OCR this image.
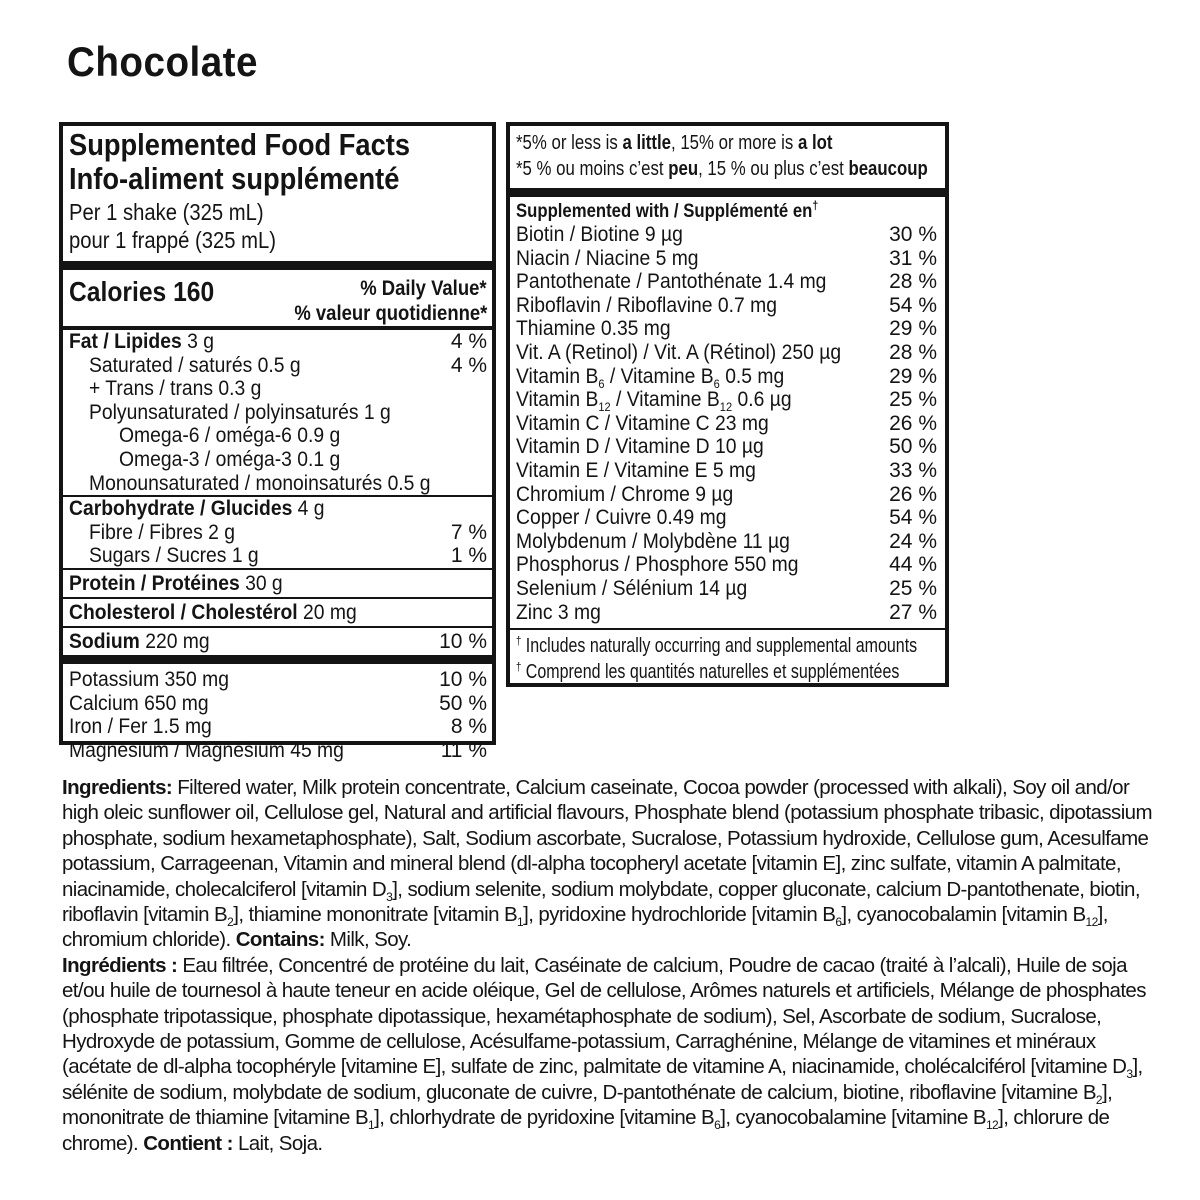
Chocolate
Supplemented Food Facts
Info-aliment supplémenté
Per 1 shake (325 mL)
pour 1 frappé (325 mL)
Calories 160	% Daily Value*
% valeur quotidienne*
Fat / Lipides 3 g	4 %
Saturated / saturés 0.5 g	4 %
+ Trans / trans 0.3 g
Polyunsaturated / polyinsaturés 1 g
Omega-6 / oméga-6 0.9 g
Omega-3 / oméga-3 0.1 g
Monounsaturated / monoinsaturés 0.5 g
Carbohydrate / Glucides 4 g
Fibre / Fibres 2 g	7 %
Sugars / Sucres 1 g	1 %
Protein / Protéines 30 g
Cholesterol / Cholestérol 20 mg
Sodium 220 mg	10 %
Potassium 350 mg	10 %
Calcium 650 mg	50 %
Iron / Fer 1.5 mg	8 %
Magnesium / Magnésium 45 mg	11 %
*5% or less is a little, 15% or more is a lot
*5 % ou moins c’est peu, 15 % ou plus c’est beaucoup
Supplemented with / Supplémenté en†
Biotin / Biotine 9 µg	30 %
Niacin / Niacine 5 mg	31 %
Pantothenate / Pantothénate 1.4 mg	28 %
Riboflavin / Riboflavine 0.7 mg	54 %
Thiamine 0.35 mg	29 %
Vit. A (Retinol) / Vit. A (Rétinol) 250 µg 28 %
Vitamin $B_6$ / Vitamine $B_6$ 0.5 mg	29 %
Vitamin $B_{12}$ / Vitamine $B_{12}$ 0.6 µg	25 %
Vitamin C / Vitamine C 23 mg	26 %
Vitamin D / Vitamine D 10 µg	50 %
Vitamin E / Vitamine E 5 mg	33 %
Chromium / Chrome 9 µg	26 %
Copper / Cuivre 0.49 mg	54 %
Molybdenum / Molybdène 11 µg	24 %
Phosphorus / Phosphore 550 mg	44 %
Selenium / Sélénium 14 µg	25 %
Zinc 3 mg	27 %
† Includes naturally occurring and supplemental amounts
† Comprend les quantités naturelles et supplémentées
Ingredients: Filtered water, Milk protein concentrate, Calcium caseinate, Cocoa powder (processed with alkali), Soy oil and/or high oleic sunflower oil, Cellulose gel, Natural and artificial flavours, Phosphate blend (potassium phosphate tribasic, dipotassium phosphate, sodium hexametaphosphate), Salt, Sodium ascorbate, Sucralose, Potassium hydroxide, Cellulose gum, Acesulfame potassium, Carrageenan, Vitamin and mineral blend (dl-alpha tocopheryl acetate [vitamin E], zinc sulfate, vitamin A palmitate, niacinamide, cholecalciferol [vitamin $D_3$], sodium selenite, sodium molybdate, copper gluconate, calcium D-pantothenate, biotin, riboflavin [vitamin $B_2$], thiamine mononitrate [vitamin $B_1$], pyridoxine hydrochloride [vitamin $B_6$], cyanocobalamin [vitamin $B_{12}$], chromium chloride). Contains: Milk, Soy.
Ingrédients : Eau filtrée, Concentré de protéine du lait, Caséinate de calcium, Poudre de cacao (traité à l’alcali), Huile de soja et/ou huile de tournesol à haute teneur en acide oléique, Gel de cellulose, Arômes naturels et artificiels, Mélange de phosphates (phosphate tripotassique, phosphate dipotassique, hexamétaphosphate de sodium), Sel, Ascorbate de sodium, Sucralose, Hydroxyde de potassium, Gomme de cellulose, Acésulfame-potassium, Carraghénine, Mélange de vitamines et minéraux (acétate de dl-alpha tocophéryle [vitamine E], sulfate de zinc, palmitate de vitamine A, niacinamide, cholécalciférol [vitamine $D_3$], sélénite de sodium, molybdate de sodium, gluconate de cuivre, D-pantothénate de calcium, biotine, riboflavine [vitamine $B_2$], mononitrate de thiamine [vitamine $B_1$], chlorhydrate de pyridoxine [vitamine $B_6$], cyanocobalamine [vitamine $B_{12}$], chlorure de chrome). Contient : Lait, Soja.
